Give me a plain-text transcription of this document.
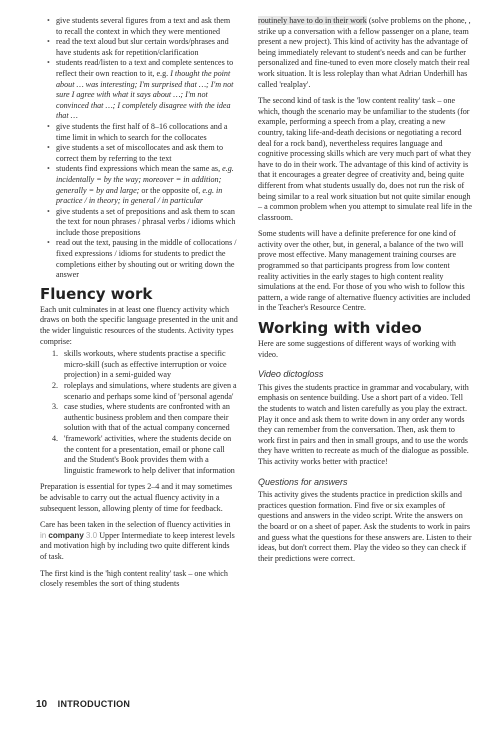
• give students several figures from a text and ask them to recall the context in which they were mentioned
• read the text aloud but slur certain words/phrases and have students ask for repetition/clarification
• students read/listen to a text and complete sentences to reflect their own reaction to it, e.g. I thought the point about … was interesting; I'm surprised that …; I'm not sure I agree with what it says about …; I'm not convinced that …; I completely disagree with the idea that …
• give students the first half of 8–16 collocations and a time limit in which to search for the collocates
• give students a set of miscollocates and ask them to correct them by referring to the text
• students find expressions which mean the same as, e.g. incidentally = by the way; moreover = in addition; generally = by and large; or the opposite of, e.g. in practice / in theory; in general / in particular
• give students a set of prepositions and ask them to scan the text for noun phrases / phrasal verbs / idioms which include those prepositions
• read out the text, pausing in the middle of collocations / fixed expressions / idioms for students to predict the completions either by shouting out or writing down the answer
Fluency work

Each unit culminates in at least one fluency activity which draws on both the specific language presented in the unit and the wider linguistic resources of the students. Activity types comprise:

1. skills workouts, where students practise a specific micro-skill (such as effective interruption or voice projection) in a semi-guided way
2. roleplays and simulations, where students are given a scenario and perhaps some kind of 'personal agenda'
3. case studies, where students are confronted with an authentic business problem and then compare their solution with that of the actual company concerned
4. 'framework' activities, where the students decide on the content for a presentation, email or phone call and the Student's Book provides them with a linguistic framework to help deliver that information

Preparation is essential for types 2–4 and it may sometimes be advisable to carry out the actual fluency activity in a subsequent lesson, allowing plenty of time for feedback.

Care has been taken in the selection of fluency activities in in company 3.0 Upper Intermediate to keep interest levels and motivation high by including two quite different kinds of task.

The first kind is the 'high content reality' task – one which closely resembles the sort of thing students

routinely have to do in their work (solve problems on the phone, , strike up a conversation with a fellow passenger on a plane, team present a new project). This kind of activity has the advantage of being immediately relevant to student's needs and can be further personalized and fine-tuned to even more closely match their real work situation. It is less roleplay than what Adrian Underhill has called 'realplay'.

The second kind of task is the 'low content reality' task – one which, though the scenario may be unfamiliar to the students (for example, performing a speech from a play, creating a new country, taking life-and-death decisions or negotiating a record deal for a rock band), nevertheless requires language and cognitive processing skills which are very much part of what they have to do in their work. The advantage of this kind of activity is that it encourages a greater degree of creativity and, being quite different from what students usually do, does not run the risk of being similar to a real work situation but not quite similar enough – a common problem when you attempt to simulate real life in the classroom.

Some students will have a definite preference for one kind of activity over the other, but, in general, a balance of the two will prove most effective. Many management training courses are programmed so that participants progress from low content reality activities in the early stages to high content reality simulations at the end. For those of you who wish to follow this pattern, a wide range of alternative fluency activities are included in the Teacher's Resource Centre.

Working with video

Here are some suggestions of different ways of working with video.

Video dictogloss

This gives the students practice in grammar and vocabulary, with emphasis on sentence building. Use a short part of a video. Tell the students to watch and listen carefully as you play the extract. Play it once and ask them to write down in any order any words they can remember from the conversation. Then, ask them to work first in pairs and then in small groups, and to use the words they have written to recreate as much of the dialogue as possible. This activity works better with practice!

Questions for answers

This activity gives the students practice in prediction skills and practices question formation. Find five or six examples of questions and answers in the video script. Write the answers on the board or on a sheet of paper. Ask the students to work in pairs and guess what the questions for these answers are. Listen to their ideas, but don't correct them. Play the video so they can check if their predictions were correct.

10 INTRODUCTION
